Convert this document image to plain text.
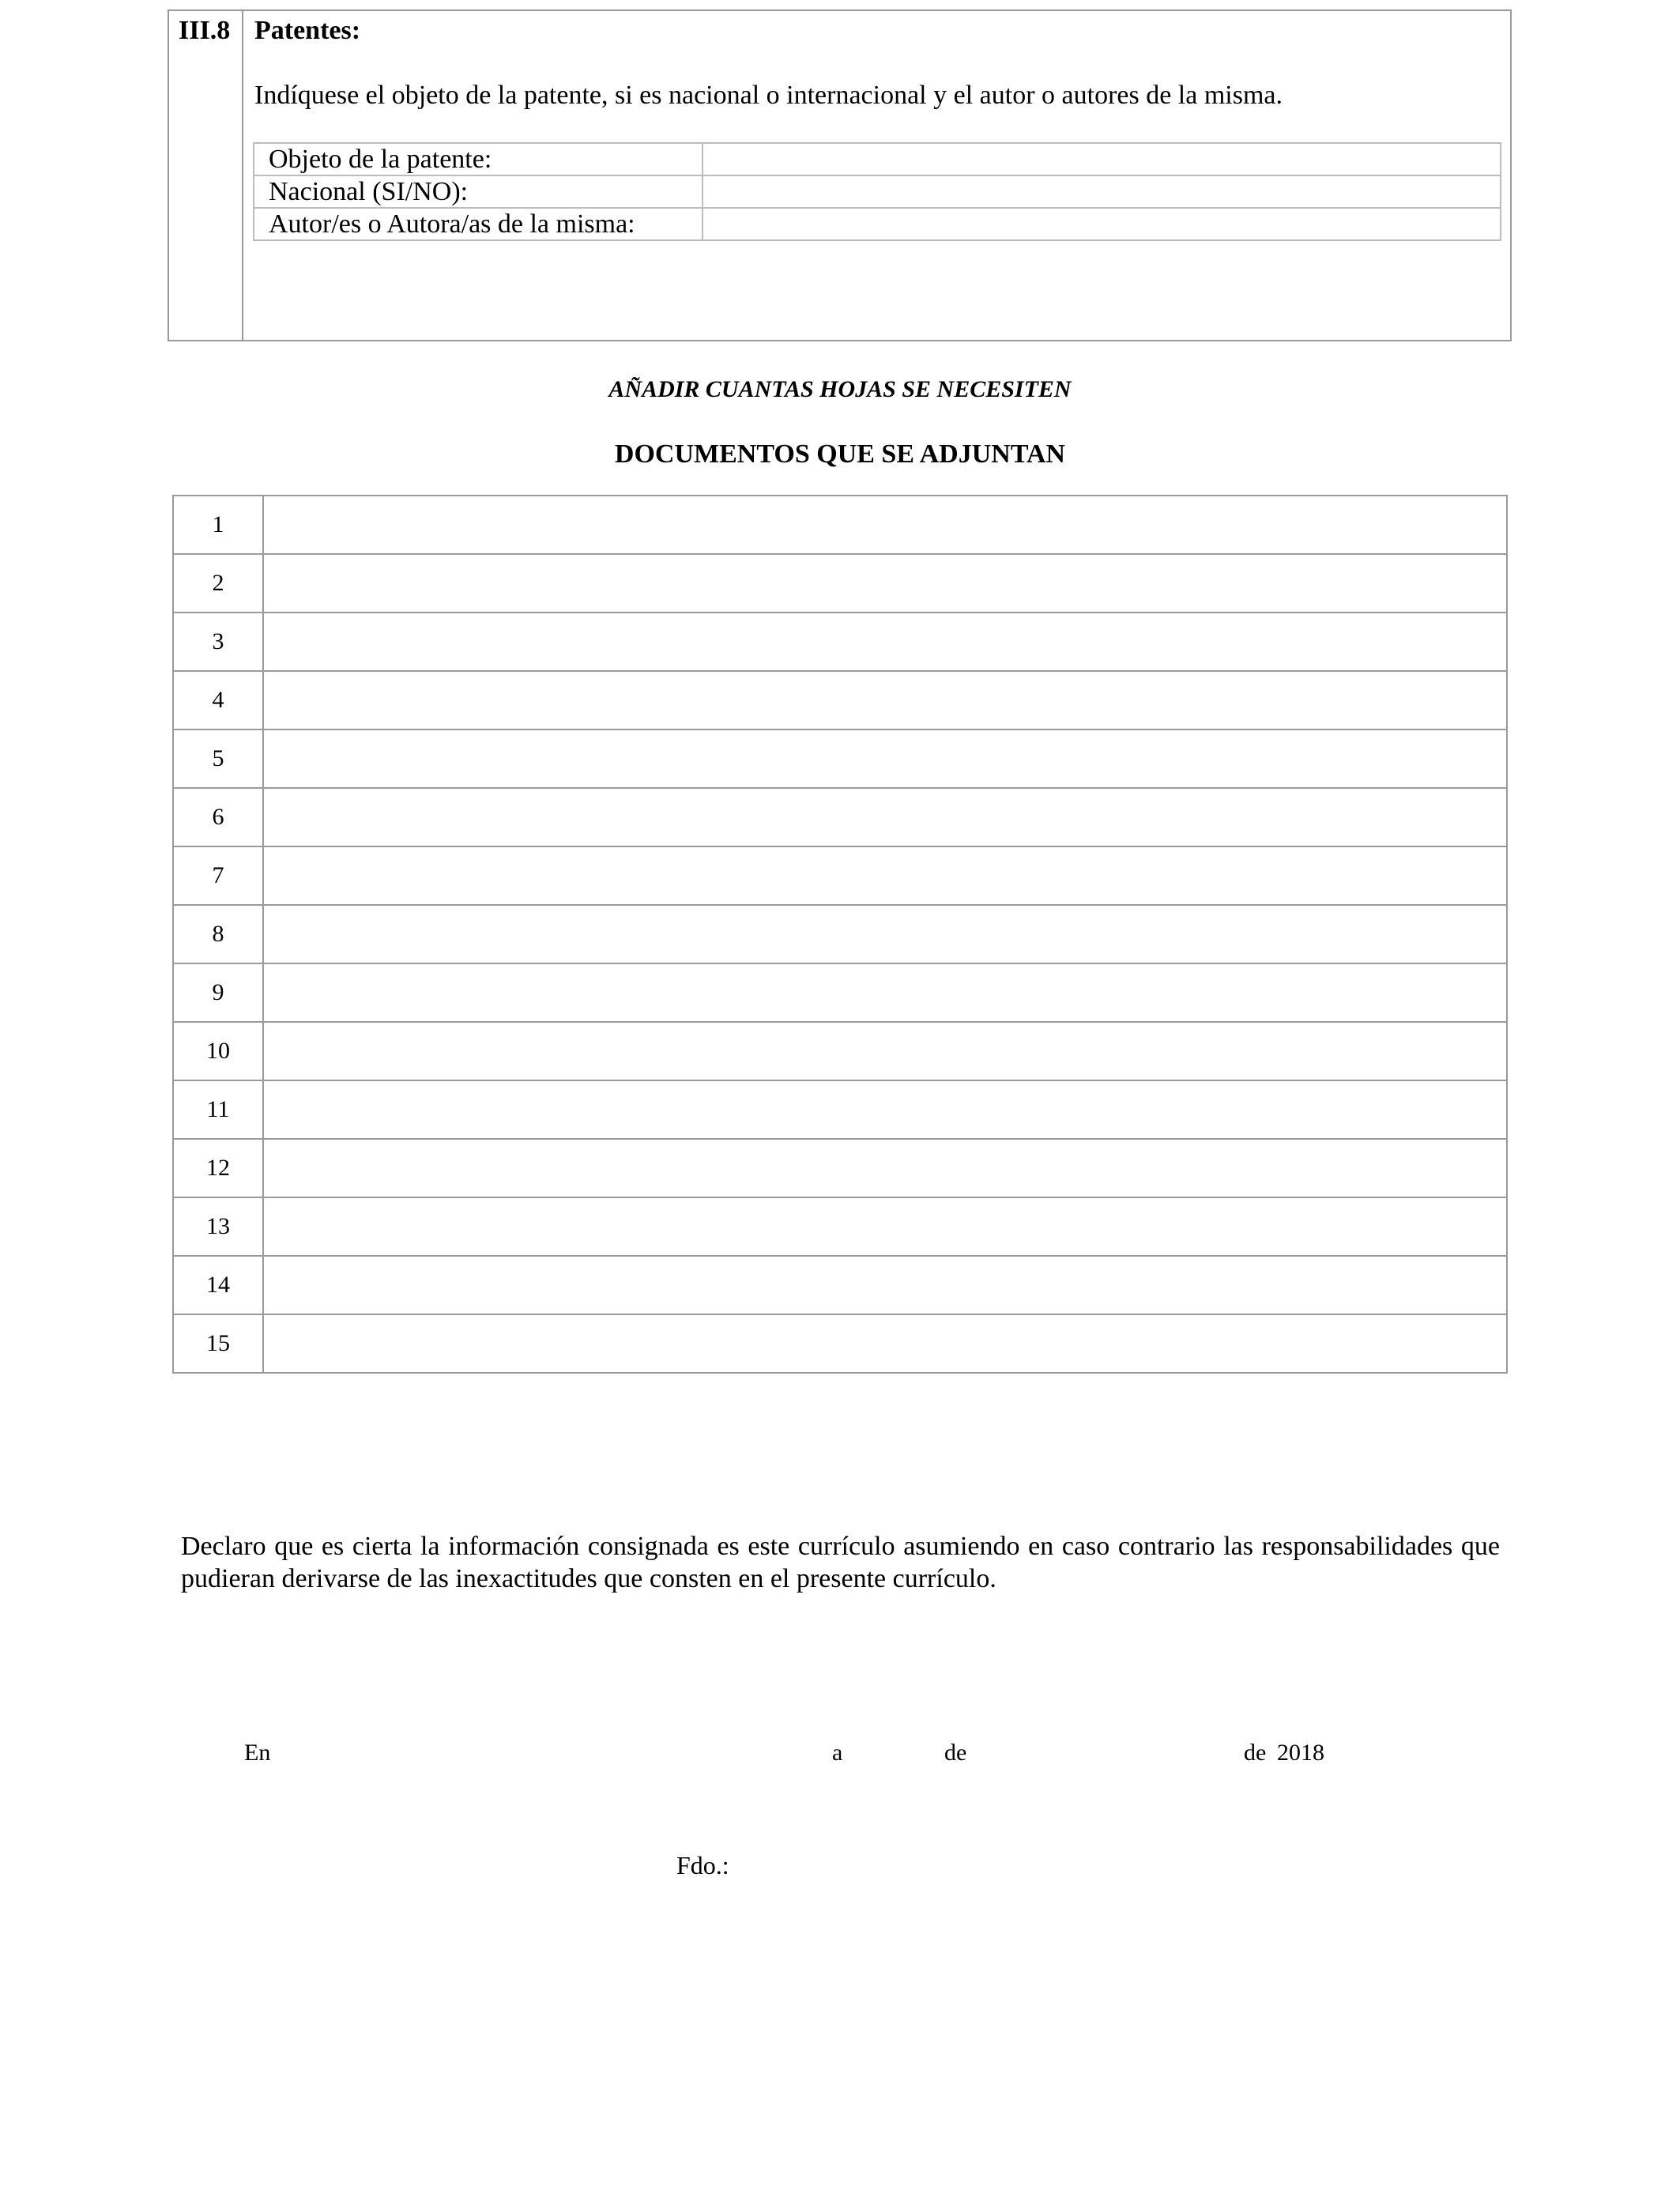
III.8 Patentes:
Indíquese el objeto de la patente, si es nacional o internacional y el autor o autores de la misma.
Objeto de la patente:	
Nacional (SI/NO):	
Autor/es o Autora/as de la misma:	
AÑADIR CUANTAS HOJAS SE NECESITEN
DOCUMENTOS QUE SE ADJUNTAN
1	
2	
3	
4	
5	
6	
7	
8	
9	
10	
11	
12	
13	
14	
15	
Declaro que es cierta la información consignada es este currículo asumiendo en caso contrario las responsabilidades que pudieran derivarse de las inexactitudes que consten en el presente currículo.
En	a	de	de 2018
Fdo.:
